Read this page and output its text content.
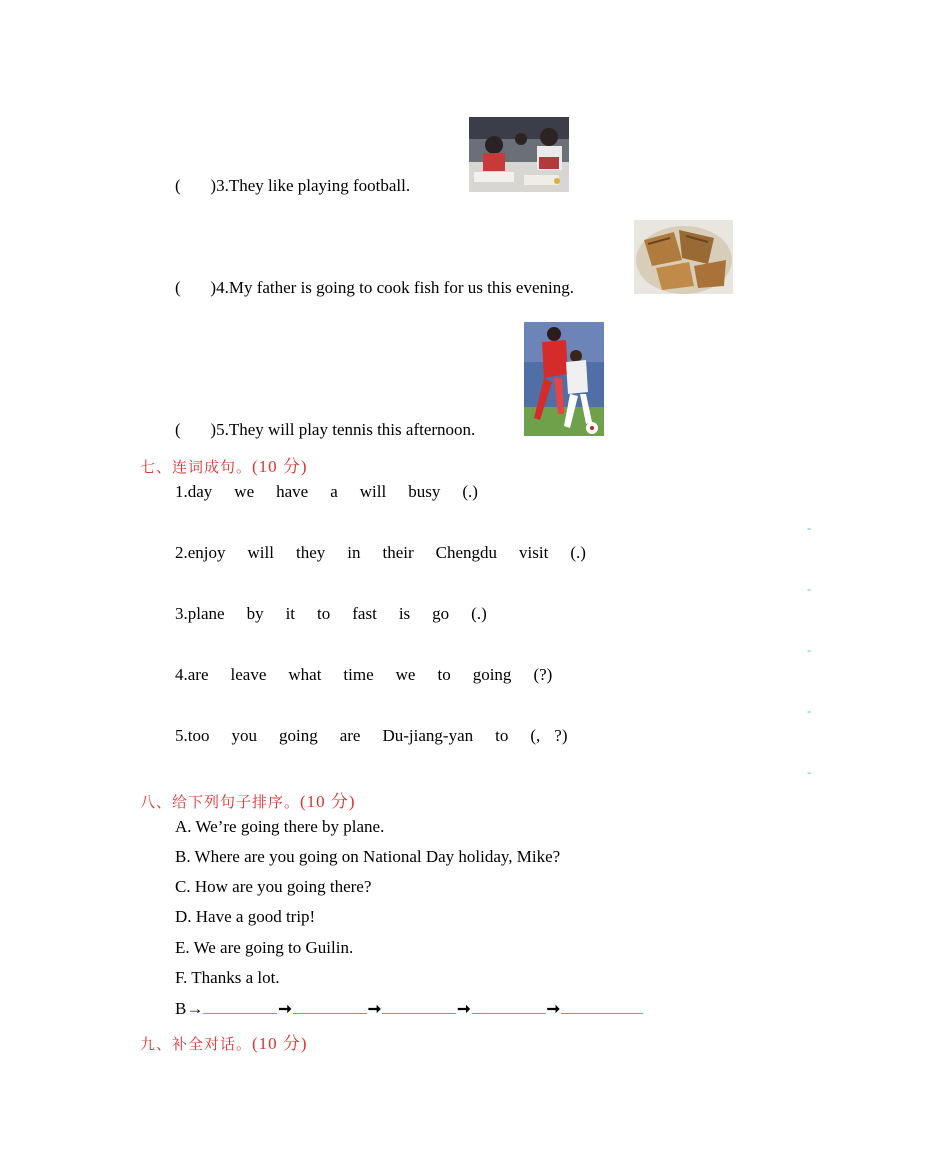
(       )3.They like playing football.
(       )4.My father is going to cook fish for us this evening.
(       )5.They will play tennis this afternoon.
七、连词成句。(10 分)
1.day we have a will busy (.)
-
2.enjoy will they in their Chengdu visit (.)
-
3.plane by it to fast is go (.)
-
4.are leave what time we to going (?)
-
5.too you going are Du-jiang-yan to (, ?)
-
八、给下列句子排序。(10 分)
A. We’re going there by plane.
B. Where are you going on National Day holiday, Mike?
C. How are you going there?
D. Have a good trip!
E. We are going to Guilin.
F. Thanks a lot.
B→	➞	➞	➞	➞
九、补全对话。(10 分)
